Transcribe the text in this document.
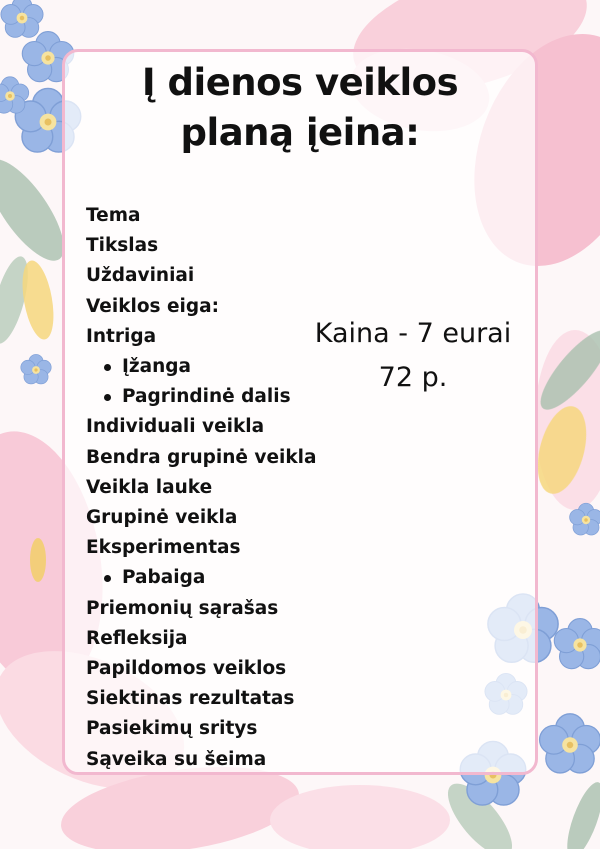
Į dienos veiklos
planą įeina:
Tema
Tikslas
Uždaviniai
Veiklos eiga:
Intriga
Įžanga
Pagrindinė dalis
Individuali veikla
Bendra grupinė veikla
Veikla lauke
Grupinė veikla
Eksperimentas
Pabaiga
Priemonių sąrašas
Refleksija
Papildomos veiklos
Siektinas rezultatas
Pasiekimų sritys
Sąveika su šeima
Kaina - 7 eurai
72 p.
